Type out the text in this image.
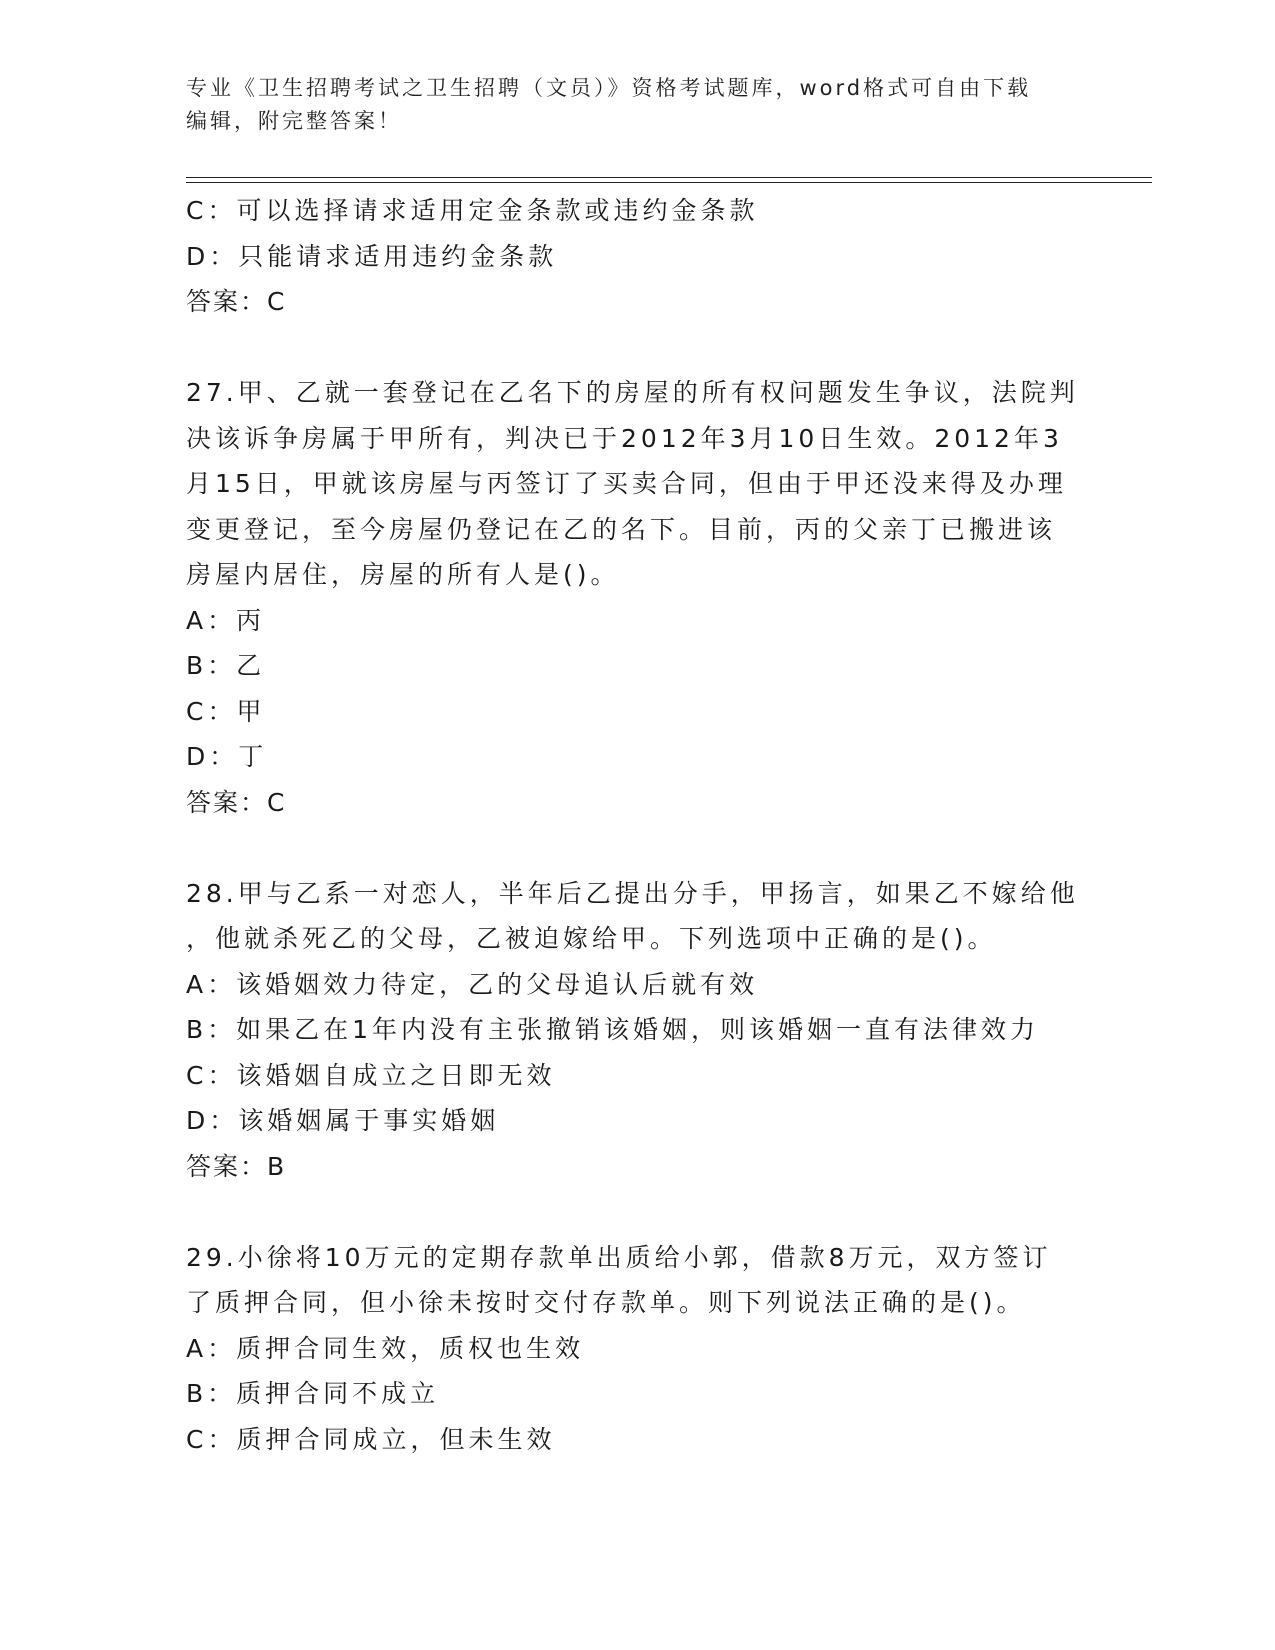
专业《卫生招聘考试之卫生招聘（文员）》资格考试题库，word格式可自由下载
编辑，附完整答案！
C：可以选择请求适用定金条款或违约金条款
D：只能请求适用违约金条款
答案：C
27.甲、乙就一套登记在乙名下的房屋的所有权问题发生争议，法院判
决该诉争房属于甲所有，判决已于2012年3月10日生效。2012年3
月15日，甲就该房屋与丙签订了买卖合同，但由于甲还没来得及办理
变更登记，至今房屋仍登记在乙的名下。目前，丙的父亲丁已搬进该
房屋内居住，房屋的所有人是()。
A：丙
B：乙
C：甲
D：丁
答案：C
28.甲与乙系一对恋人，半年后乙提出分手，甲扬言，如果乙不嫁给他
，他就杀死乙的父母，乙被迫嫁给甲。下列选项中正确的是()。
A：该婚姻效力待定，乙的父母追认后就有效
B：如果乙在1年内没有主张撤销该婚姻，则该婚姻一直有法律效力
C：该婚姻自成立之日即无效
D：该婚姻属于事实婚姻
答案：B
29.小徐将10万元的定期存款单出质给小郭，借款8万元，双方签订
了质押合同，但小徐未按时交付存款单。则下列说法正确的是()。
A：质押合同生效，质权也生效
B：质押合同不成立
C：质押合同成立，但未生效
